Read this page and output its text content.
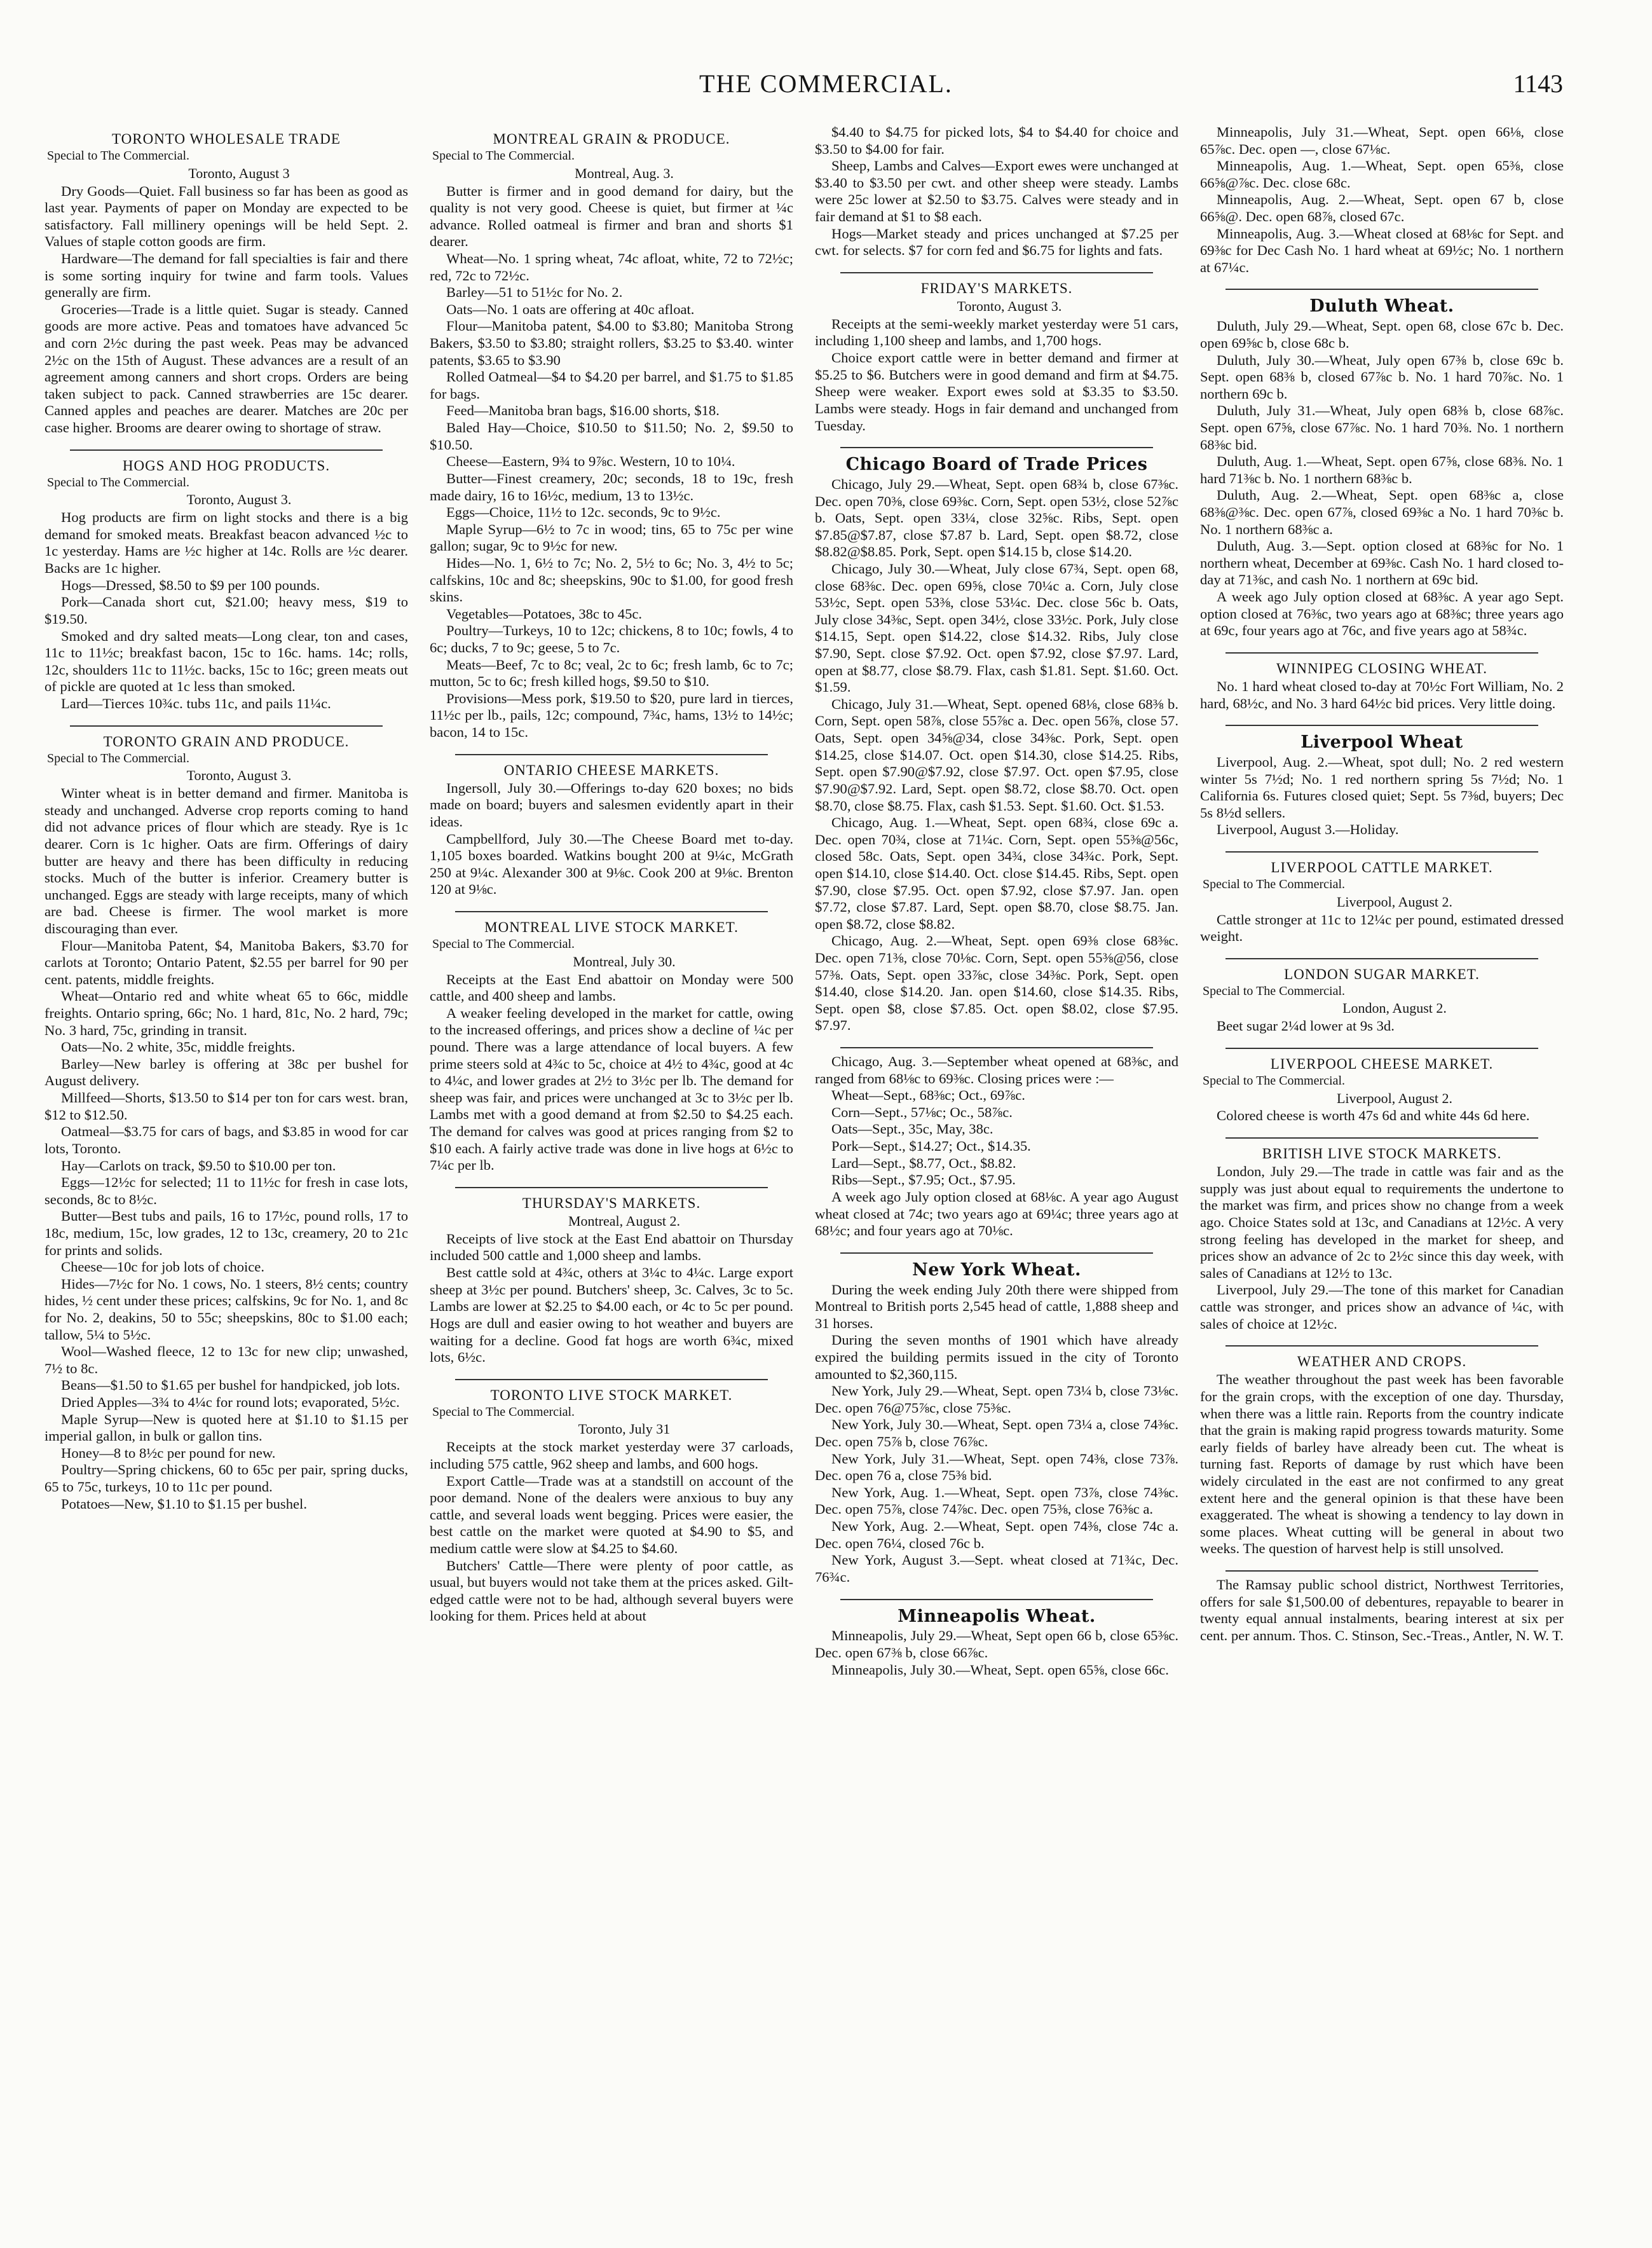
THE COMMERCIAL.	1143
TORONTO WHOLESALE TRADE
Special to The Commercial.
Toronto, August 3

Dry Goods—Quiet. Fall business so far has been as good as last year. Payments of paper on Monday are expected to be satisfactory. Fall millinery openings will be held Sept. 2. Values of staple cotton goods are firm.

Hardware—The demand for fall specialties is fair and there is some sorting inquiry for twine and farm tools. Values generally are firm.

Groceries—Trade is a little quiet. Sugar is steady. Canned goods are more active. Peas and tomatoes have advanced 5c and corn 2½c during the past week. Peas may be advanced 2½c on the 15th of August. These advances are a result of an agreement among canners and short crops. Orders are being taken subject to pack. Canned strawberries are 15c dearer. Canned apples and peaches are dearer. Matches are 20c per case higher. Brooms are dearer owing to shortage of straw.

HOGS AND HOG PRODUCTS.
Special to The Commercial.
Toronto, August 3.

Hog products are firm on light stocks and there is a big demand for smoked meats. Breakfast beacon advanced ½c to 1c yesterday. Hams are ½c higher at 14c. Rolls are ½c dearer. Backs are 1c higher.

Hogs—Dressed, $8.50 to $9 per 100 pounds.

Pork—Canada short cut, $21.00; heavy mess, $19 to $19.50.

Smoked and dry salted meats—Long clear, ton and cases, 11c to 11½c; breakfast bacon, 15c to 16c. hams. 14c; rolls, 12c, shoulders 11c to 11½c. backs, 15c to 16c; green meats out of pickle are quoted at 1c less than smoked.

Lard—Tierces 10¾c. tubs 11c, and pails 11¼c.

TORONTO GRAIN AND PRODUCE.
Special to The Commercial.
Toronto, August 3.

Winter wheat is in better demand and firmer. Manitoba is steady and unchanged. Adverse crop reports coming to hand did not advance prices of flour which are steady. Rye is 1c dearer. Corn is 1c higher. Oats are firm. Offerings of dairy butter are heavy and there has been difficulty in reducing stocks. Much of the butter is inferior. Creamery butter is unchanged. Eggs are steady with large receipts, many of which are bad. Cheese is firmer. The wool market is more discouraging than ever.

Flour—Manitoba Patent, $4, Manitoba Bakers, $3.70 for carlots at Toronto; Ontario Patent, $2.55 per barrel for 90 per cent. patents, middle freights.

Wheat—Ontario red and white wheat 65 to 66c, middle freights. Ontario spring, 66c; No. 1 hard, 81c, No. 2 hard, 79c; No. 3 hard, 75c, grinding in transit.

Oats—No. 2 white, 35c, middle freights.

Barley—New barley is offering at 38c per bushel for August delivery.

Millfeed—Shorts, $13.50 to $14 per ton for cars west. bran, $12 to $12.50.

Oatmeal—$3.75 for cars of bags, and $3.85 in wood for car lots, Toronto.

Hay—Carlots on track, $9.50 to $10.00 per ton.

Eggs—12½c for selected; 11 to 11½c for fresh in case lots, seconds, 8c to 8½c.

Butter—Best tubs and pails, 16 to 17½c, pound rolls, 17 to 18c, medium, 15c, low grades, 12 to 13c, creamery, 20 to 21c for prints and solids.

Cheese—10c for job lots of choice.

Hides—7½c for No. 1 cows, No. 1 steers, 8½ cents; country hides, ½ cent under these prices; calfskins, 9c for No. 1, and 8c for No. 2, deakins, 50 to 55c; sheepskins, 80c to $1.00 each; tallow, 5¼ to 5½c.

Wool—Washed fleece, 12 to 13c for new clip; unwashed, 7½ to 8c.

Beans—$1.50 to $1.65 per bushel for handpicked, job lots.

Dried Apples—3¾ to 4¼c for round lots; evaporated, 5½c.

Maple Syrup—New is quoted here at $1.10 to $1.15 per imperial gallon, in bulk or gallon tins.

Honey—8 to 8½c per pound for new.

Poultry—Spring chickens, 60 to 65c per pair, spring ducks, 65 to 75c, turkeys, 10 to 11c per pound.

Potatoes—New, $1.10 to $1.15 per bushel.

MONTREAL GRAIN & PRODUCE.
Special to The Commercial.
Montreal, Aug. 3.

Butter is firmer and in good demand for dairy, but the quality is not very good. Cheese is quiet, but firmer at ¼c advance. Rolled oatmeal is firmer and bran and shorts $1 dearer.

Wheat—No. 1 spring wheat, 74c afloat, white, 72 to 72½c; red, 72c to 72½c.

Barley—51 to 51½c for No. 2.

Oats—No. 1 oats are offering at 40c afloat.

Flour—Manitoba patent, $4.00 to $3.80; Manitoba Strong Bakers, $3.50 to $3.80; straight rollers, $3.25 to $3.40. winter patents, $3.65 to $3.90

Rolled Oatmeal—$4 to $4.20 per barrel, and $1.75 to $1.85 for bags.

Feed—Manitoba bran bags, $16.00 shorts, $18.

Baled Hay—Choice, $10.50 to $11.50; No. 2, $9.50 to $10.50.

Cheese—Eastern, 9¾ to 9⅞c. Western, 10 to 10¼.

Butter—Finest creamery, 20c; seconds, 18 to 19c, fresh made dairy, 16 to 16½c, medium, 13 to 13½c.

Eggs—Choice, 11½ to 12c. seconds, 9c to 9½c.

Maple Syrup—6½ to 7c in wood; tins, 65 to 75c per wine gallon; sugar, 9c to 9½c for new.

Hides—No. 1, 6½ to 7c; No. 2, 5½ to 6c; No. 3, 4½ to 5c; calfskins, 10c and 8c; sheepskins, 90c to $1.00, for good fresh skins.

Vegetables—Potatoes, 38c to 45c.

Poultry—Turkeys, 10 to 12c; chickens, 8 to 10c; fowls, 4 to 6c; ducks, 7 to 9c; geese, 5 to 7c.

Meats—Beef, 7c to 8c; veal, 2c to 6c; fresh lamb, 6c to 7c; mutton, 5c to 6c; fresh killed hogs, $9.50 to $10.

Provisions—Mess pork, $19.50 to $20, pure lard in tierces, 11½c per lb., pails, 12c; compound, 7¾c, hams, 13½ to 14½c; bacon, 14 to 15c.

ONTARIO CHEESE MARKETS.

Ingersoll, July 30.—Offerings to-day 620 boxes; no bids made on board; buyers and salesmen evidently apart in their ideas.

Campbellford, July 30.—The Cheese Board met to-day. 1,105 boxes boarded. Watkins bought 200 at 9¼c, McGrath 250 at 9¼c. Alexander 300 at 9⅛c. Cook 200 at 9⅛c. Brenton 120 at 9⅛c.

MONTREAL LIVE STOCK MARKET.
Special to The Commercial.
Montreal, July 30.

Receipts at the East End abattoir on Monday were 500 cattle, and 400 sheep and lambs.

A weaker feeling developed in the market for cattle, owing to the increased offerings, and prices show a decline of ¼c per pound. There was a large attendance of local buyers. A few prime steers sold at 4¾c to 5c, choice at 4½ to 4¾c, good at 4c to 4¼c, and lower grades at 2½ to 3½c per lb. The demand for sheep was fair, and prices were unchanged at 3c to 3½c per lb. Lambs met with a good demand at from $2.50 to $4.25 each. The demand for calves was good at prices ranging from $2 to $10 each. A fairly active trade was done in live hogs at 6½c to 7¼c per lb.

THURSDAY'S MARKETS.
Montreal, August 2.

Receipts of live stock at the East End abattoir on Thursday included 500 cattle and 1,000 sheep and lambs.

Best cattle sold at 4¾c, others at 3¼c to 4¼c. Large export sheep at 3½c per pound. Butchers' sheep, 3c. Calves, 3c to 5c. Lambs are lower at $2.25 to $4.00 each, or 4c to 5c per pound. Hogs are dull and easier owing to hot weather and buyers are waiting for a decline. Good fat hogs are worth 6¾c, mixed lots, 6½c.

TORONTO LIVE STOCK MARKET.
Special to The Commercial.
Toronto, July 31

Receipts at the stock market yesterday were 37 carloads, including 575 cattle, 962 sheep and lambs, and 600 hogs.

Export Cattle—Trade was at a standstill on account of the poor demand. None of the dealers were anxious to buy any cattle, and several loads went begging. Prices were easier, the best cattle on the market were quoted at $4.90 to $5, and medium cattle were slow at $4.25 to $4.60.

Butchers' Cattle—There were plenty of poor cattle, as usual, but buyers would not take them at the prices asked. Gilt-edged cattle were not to be had, although several buyers were looking for them. Prices held at about

$4.40 to $4.75 for picked lots, $4 to $4.40 for choice and $3.50 to $4.00 for fair.

Sheep, Lambs and Calves—Export ewes were unchanged at $3.40 to $3.50 per cwt. and other sheep were steady. Lambs were 25c lower at $2.50 to $3.75. Calves were steady and in fair demand at $1 to $8 each.

Hogs—Market steady and prices unchanged at $7.25 per cwt. for selects. $7 for corn fed and $6.75 for lights and fats.

FRIDAY'S MARKETS.
Toronto, August 3.

Receipts at the semi-weekly market yesterday were 51 cars, including 1,100 sheep and lambs, and 1,700 hogs.

Choice export cattle were in better demand and firmer at $5.25 to $6. Butchers were in good demand and firm at $4.75. Sheep were weaker. Export ewes sold at $3.35 to $3.50. Lambs were steady. Hogs in fair demand and unchanged from Tuesday.

Chicago Board of Trade Prices

Chicago, July 29.—Wheat, Sept. open 68¾ b, close 67⅜c. Dec. open 70⅜, close 69⅜c. Corn, Sept. open 53½, close 52⅞c b. Oats, Sept. open 33¼, close 32⅝c. Ribs, Sept. open $7.85@$7.87, close $7.87 b. Lard, Sept. open $8.72, close $8.82@$8.85. Pork, Sept. open $14.15 b, close $14.20.

Chicago, July 30.—Wheat, July close 67¾, Sept. open 68, close 68⅜c. Dec. open 69⅝, close 70¼c a. Corn, July close 53½c, Sept. open 53⅜, close 53¼c. Dec. close 56c b. Oats, July close 34⅜c, Sept. open 34½, close 33½c. Pork, July close $14.15, Sept. open $14.22, close $14.32. Ribs, July close $7.90, Sept. close $7.92. Oct. open $7.92, close $7.97. Lard, open at $8.77, close $8.79. Flax, cash $1.81. Sept. $1.60. Oct. $1.59.

Chicago, July 31.—Wheat, Sept. opened 68⅛, close 68⅜ b. Corn, Sept. open 58⅞, close 55⅞c a. Dec. open 56⅞, close 57. Oats, Sept. open 34⅝@34, close 34⅜c. Pork, Sept. open $14.25, close $14.07. Oct. open $14.30, close $14.25. Ribs, Sept. open $7.90@$7.92, close $7.97. Oct. open $7.95, close $7.90@$7.92. Lard, Sept. open $8.72, close $8.70. Oct. open $8.70, close $8.75. Flax, cash $1.53. Sept. $1.60. Oct. $1.53.

Chicago, Aug. 1.—Wheat, Sept. open 68¾, close 69c a. Dec. open 70¾, close at 71¼c. Corn, Sept. open 55⅜@56c, closed 58c. Oats, Sept. open 34¾, close 34¾c. Pork, Sept. open $14.10, close $14.40. Oct. close $14.45. Ribs, Sept. open $7.90, close $7.95. Oct. open $7.92, close $7.97. Jan. open $7.72, close $7.87. Lard, Sept. open $8.70, close $8.75. Jan. open $8.72, close $8.82.

Chicago, Aug. 2.—Wheat, Sept. open 69⅜ close 68⅜c. Dec. open 71⅜, close 70⅛c. Corn, Sept. open 55⅜@56, close 57⅜. Oats, Sept. open 33⅞c, close 34⅜c. Pork, Sept. open $14.40, close $14.20. Jan. open $14.60, close $14.35. Ribs, Sept. open $8, close $7.85. Oct. open $8.02, close $7.95. $7.97.

Chicago, Aug. 3.—September wheat opened at 68⅜c, and ranged from 68⅛c to 69⅜c. Closing prices were :—

Wheat—Sept., 68⅜c; Oct., 69⅞c.

Corn—Sept., 57⅛c; Oc., 58⅞c.

Oats—Sept., 35c, May, 38c.

Pork—Sept., $14.27; Oct., $14.35.

Lard—Sept., $8.77, Oct., $8.82.

Ribs—Sept., $7.95; Oct., $7.95.

A week ago July option closed at 68⅛c. A year ago August wheat closed at 74c; two years ago at 69¼c; three years ago at 68½c; and four years ago at 70⅛c.

New York Wheat.

During the week ending July 20th there were shipped from Montreal to British ports 2,545 head of cattle, 1,888 sheep and 31 horses.

During the seven months of 1901 which have already expired the building permits issued in the city of Toronto amounted to $2,360,115.

New York, July 29.—Wheat, Sept. open 73¼ b, close 73⅛c. Dec. open 76@75⅞c, close 75⅜c.

New York, July 30.—Wheat, Sept. open 73¼ a, close 74⅜c. Dec. open 75⅞ b, close 76⅞c.

New York, July 31.—Wheat, Sept. open 74⅜, close 73⅞. Dec. open 76 a, close 75⅜ bid.

New York, Aug. 1.—Wheat, Sept. open 73⅞, close 74⅜c. Dec. open 75⅞, close 74⅞c. Dec. open 75⅜, close 76⅜c a.

New York, Aug. 2.—Wheat, Sept. open 74⅜, close 74c a. Dec. open 76¼, closed 76c b.

New York, August 3.—Sept. wheat closed at 71¾c, Dec. 76¾c.

Minneapolis Wheat.

Minneapolis, July 29.—Wheat, Sept open 66 b, close 65⅜c. Dec. open 67⅜ b, close 66⅞c.

Minneapolis, July 30.—Wheat, Sept. open 65⅝, close 66c.

Minneapolis, July 31.—Wheat, Sept. open 66⅛, close 65⅞c. Dec. open —, close 67⅛c.

Minneapolis, Aug. 1.—Wheat, Sept. open 65⅜, close 66⅝@⅞c. Dec. close 68c.

Minneapolis, Aug. 2.—Wheat, Sept. open 67 b, close 66⅝@. Dec. open 68⅞, closed 67c.

Minneapolis, Aug. 3.—Wheat closed at 68⅛c for Sept. and 69⅜c for Dec Cash No. 1 hard wheat at 69½c; No. 1 northern at 67¼c.

Duluth Wheat.

Duluth, July 29.—Wheat, Sept. open 68, close 67c b. Dec. open 69⅝c b, close 68c b.

Duluth, July 30.—Wheat, July open 67⅜ b, close 69c b. Sept. open 68⅜ b, closed 67⅞c b. No. 1 hard 70⅞c. No. 1 northern 69c b.

Duluth, July 31.—Wheat, July open 68⅜ b, close 68⅞c. Sept. open 67⅝, close 67⅞c. No. 1 hard 70⅜. No. 1 northern 68⅜c bid.

Duluth, Aug. 1.—Wheat, Sept. open 67⅝, close 68⅜. No. 1 hard 71⅜c b. No. 1 northern 68⅜c b.

Duluth, Aug. 2.—Wheat, Sept. open 68⅜c a, close 68⅜@⅜c. Dec. open 67⅞, closed 69⅜c a No. 1 hard 70⅜c b. No. 1 northern 68⅜c a.

Duluth, Aug. 3.—Sept. option closed at 68⅜c for No. 1 northern wheat, December at 69⅜c. Cash No. 1 hard closed to-day at 71⅜c, and cash No. 1 northern at 69c bid.

A week ago July option closed at 68⅜c. A year ago Sept. option closed at 76⅜c, two years ago at 68⅜c; three years ago at 69c, four years ago at 76c, and five years ago at 58¾c.

WINNIPEG CLOSING WHEAT.

No. 1 hard wheat closed to-day at 70½c Fort William, No. 2 hard, 68½c, and No. 3 hard 64½c bid prices. Very little doing.

Liverpool Wheat

Liverpool, Aug. 2.—Wheat, spot dull; No. 2 red western winter 5s 7½d; No. 1 red northern spring 5s 7½d; No. 1 California 6s. Futures closed quiet; Sept. 5s 7⅜d, buyers; Dec 5s 8½d sellers.

Liverpool, August 3.—Holiday.

LIVERPOOL CATTLE MARKET.
Special to The Commercial.
Liverpool, August 2.

Cattle stronger at 11c to 12¼c per pound, estimated dressed weight.

LONDON SUGAR MARKET.
Special to The Commercial.
London, August 2.

Beet sugar 2¼d lower at 9s 3d.

LIVERPOOL CHEESE MARKET.
Special to The Commercial.
Liverpool, August 2.

Colored cheese is worth 47s 6d and white 44s 6d here.

BRITISH LIVE STOCK MARKETS.

London, July 29.—The trade in cattle was fair and as the supply was just about equal to requirements the undertone to the market was firm, and prices show no change from a week ago. Choice States sold at 13c, and Canadians at 12½c. A very strong feeling has developed in the market for sheep, and prices show an advance of 2c to 2½c since this day week, with sales of Canadians at 12½ to 13c.

Liverpool, July 29.—The tone of this market for Canadian cattle was stronger, and prices show an advance of ¼c, with sales of choice at 12½c.

WEATHER AND CROPS.

The weather throughout the past week has been favorable for the grain crops, with the exception of one day. Thursday, when there was a little rain. Reports from the country indicate that the grain is making rapid progress towards maturity. Some early fields of barley have already been cut. The wheat is turning fast. Reports of damage by rust which have been widely circulated in the east are not confirmed to any great extent here and the general opinion is that these have been exaggerated. The wheat is showing a tendency to lay down in some places. Wheat cutting will be general in about two weeks. The question of harvest help is still unsolved.

The Ramsay public school district, Northwest Territories, offers for sale $1,500.00 of debentures, repayable to bearer in twenty equal annual instalments, bearing interest at six per cent. per annum. Thos. C. Stinson, Sec.-Treas., Antler, N. W. T.
